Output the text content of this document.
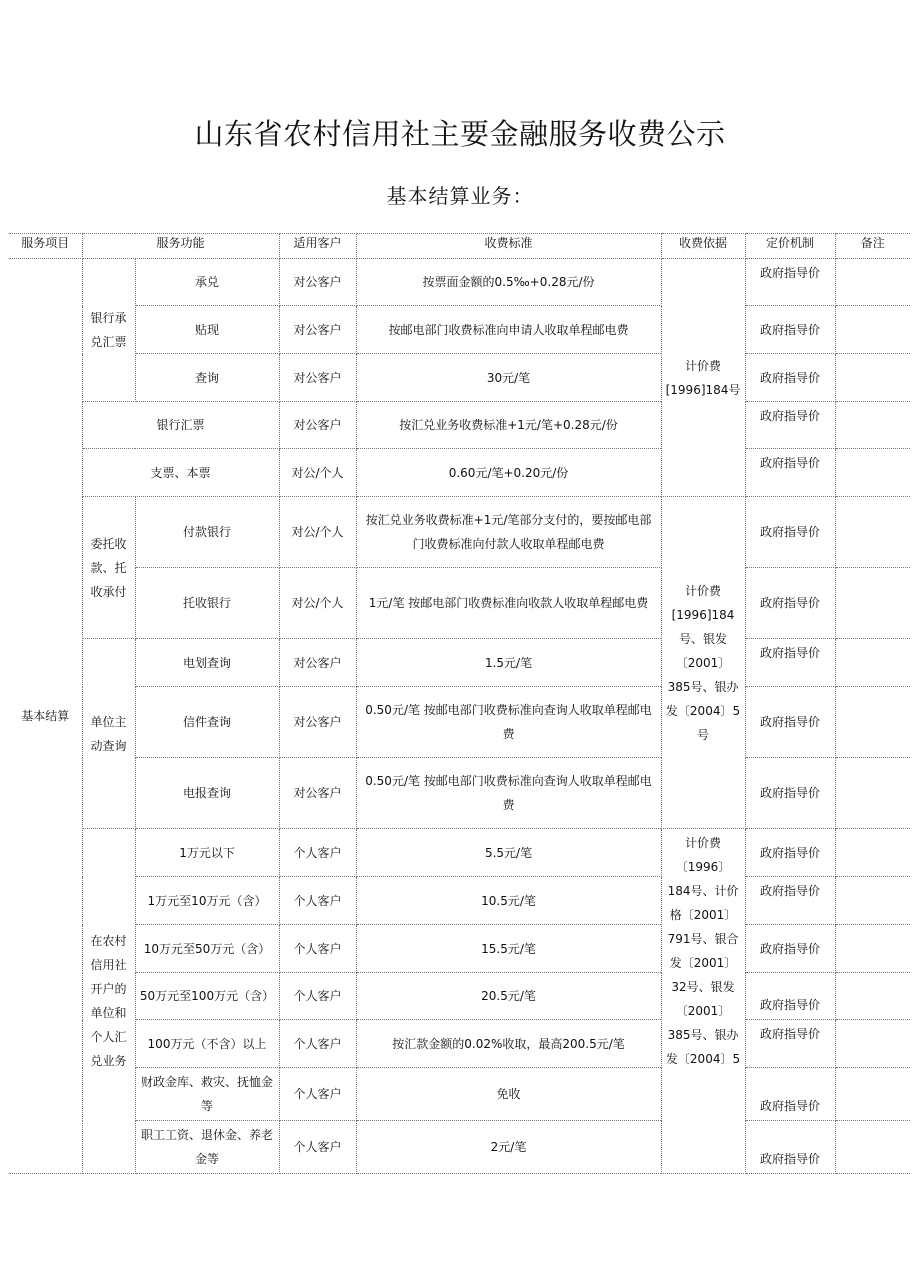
山东省农村信用社主要金融服务收费公示
基本结算业务：
服务项目	服务功能		适用客户	收费标准	收费依据	定价机制	备注
基本结算	银行承兑汇票	承兑	对公客户	按票面金额的0.5‰+0.28元/份	计价费[1996]184号	政府指导价	
		贴现	对公客户	按邮电部门收费标准向申请人收取单程邮电费		政府指导价	
		查询	对公客户	30元/笔		政府指导价	
	银行汇票		对公客户	按汇兑业务收费标准+1元/笔+0.28元/份		政府指导价	
	支票、本票		对公/个人	0.60元/笔+0.20元/份		政府指导价	
	委托收款、托收承付	付款银行	对公/个人	按汇兑业务收费标准+1元/笔部分支付的，要按邮电部门收费标准向付款人收取单程邮电费	计价费[1996]184号、银发〔2001〕385号、银办发〔2004〕5号	政府指导价	
		托收银行	对公/个人	1元/笔 按邮电部门收费标准向收款人收取单程邮电费		政府指导价	
	单位主动查询	电划查询	对公客户	1.5元/笔		政府指导价	
		信件查询	对公客户	0.50元/笔 按邮电部门收费标准向查询人收取单程邮电费		政府指导价	
		电报查询	对公客户	0.50元/笔 按邮电部门收费标准向查询人收取单程邮电费		政府指导价	
	在农村信用社开户的单位和个人汇兑业务	1万元以下	个人客户	5.5元/笔	计价费〔1996〕184号、计价格〔2001〕791号、银合发〔2001〕32号、银发〔2001〕385号、银办发〔2004〕5	政府指导价	
		1万元至10万元（含）	个人客户	10.5元/笔		政府指导价	
		10万元至50万元（含）	个人客户	15.5元/笔		政府指导价	
		50万元至100万元（含）	个人客户	20.5元/笔		政府指导价	
		100万元（不含）以上	个人客户	按汇款金额的0.02%收取，最高200.5元/笔		政府指导价	
		财政金库、救灾、抚恤金等	个人客户	免收		政府指导价	
		职工工资、退休金、养老金等	个人客户	2元/笔		政府指导价	
